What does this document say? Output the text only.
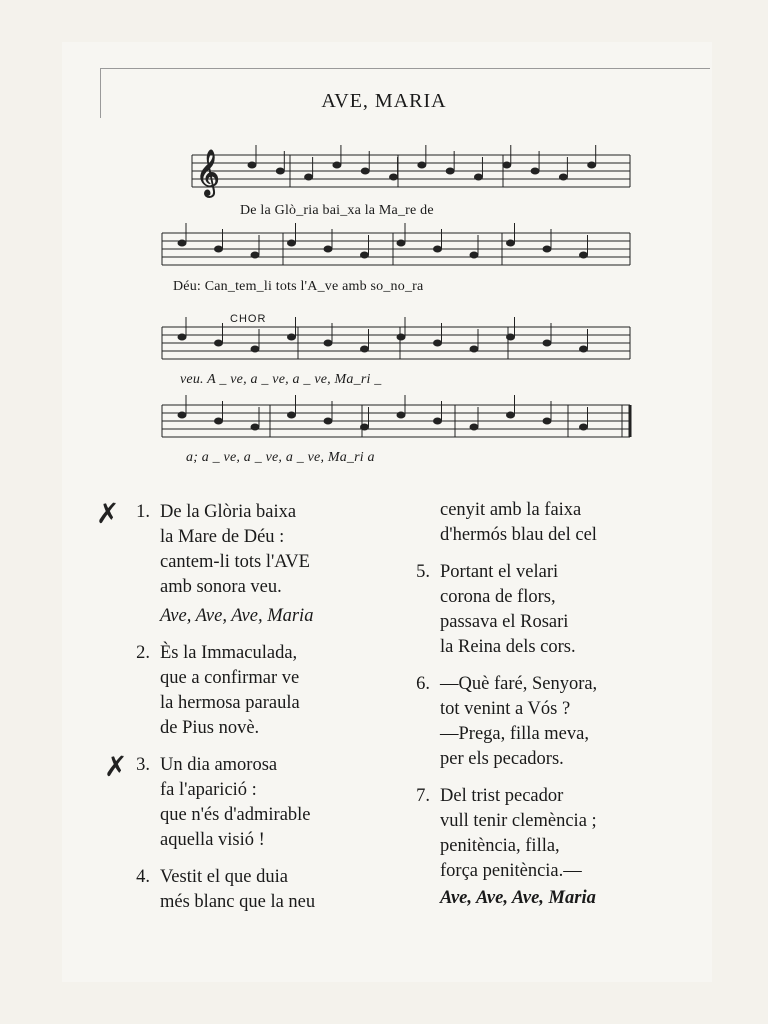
AVE, MARIA
𝄞
CHOR
De la Glò_ria bai_xa la Ma_re de
Déu: Can_tem_li tots l'A_ve amb so_no_ra
veu. A _ ve, a _ ve, a _ ve, Ma_ri _
a; a _ ve, a _ ve, a _ ve, Ma_ri a
✗
✗
1. De la Glòria baixa
la Mare de Déu :
cantem-li tots l'AVE
amb sonora veu.
Ave, Ave, Ave, Maria
2. Ès la Immaculada,
que a confirmar ve
la hermosa paraula
de Pius novè.
3. Un dia amorosa
fa l'aparició :
que n'és d'admirable
aquella visió !
4. Vestit el que duia
més blanc que la neu
cenyit amb la faixa
d'hermós blau del cel
5. Portant el velari
corona de flors,
passava el Rosari
la Reina dels cors.
6. —Què faré, Senyora,
tot venint a Vós ?
—Prega, filla meva,
per els pecadors.
7. Del trist pecador
vull tenir clemència ;
penitència, filla,
força penitència.—
Ave, Ave, Ave, Maria
